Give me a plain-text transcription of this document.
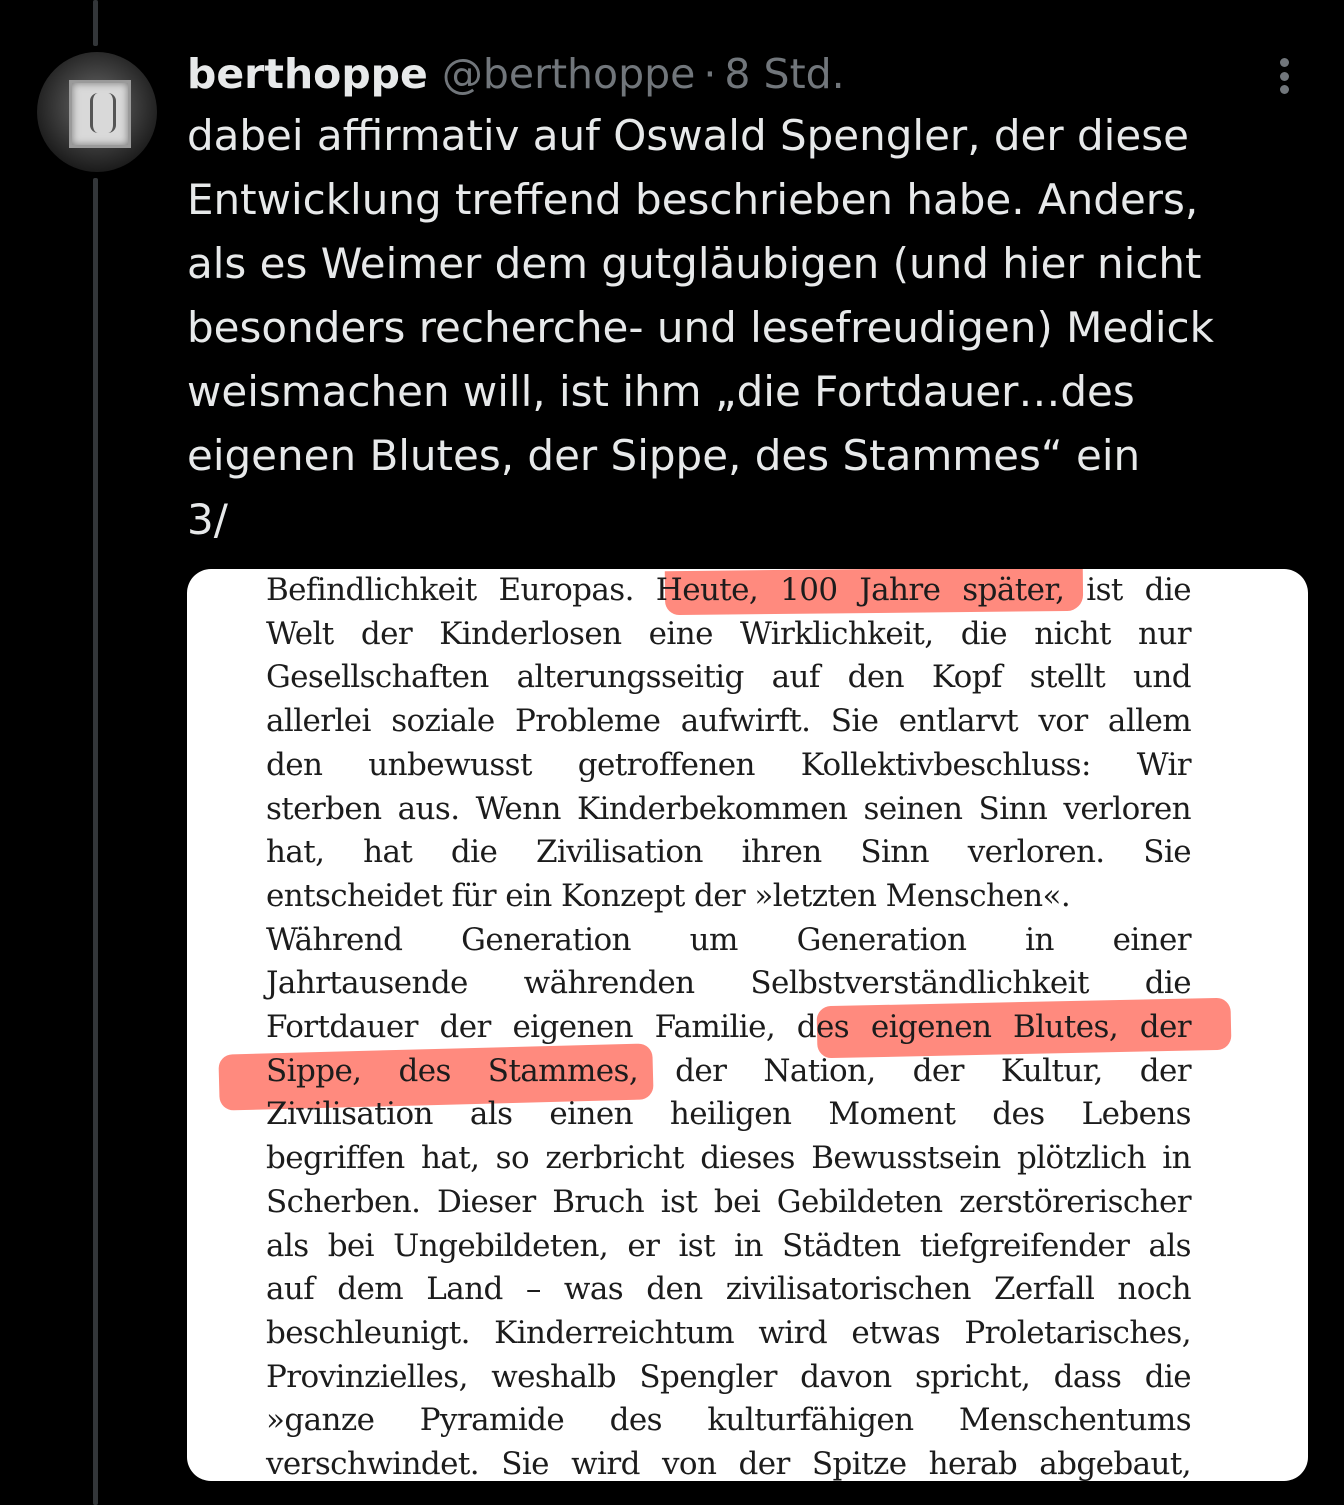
berthoppe @berthoppe · 8 Std.
dabei affirmativ auf Oswald Spengler, der diese
Entwicklung treffend beschrieben habe. Anders,
als es Weimer dem gutgläubigen (und hier nicht
besonders recherche- und lesefreudigen) Medick
weismachen will, ist ihm „die Fortdauer…des
eigenen Blutes, der Sippe, des Stammes“ ein
3/
Befindlichkeit Europas. Heute, 100 Jahre später, ist die
Welt der Kinderlosen eine Wirklichkeit, die nicht nur
Gesellschaften alterungsseitig auf den Kopf stellt und
allerlei soziale Probleme aufwirft. Sie entlarvt vor allem
den unbewusst getroffenen Kollektivbeschluss: Wir
sterben aus. Wenn Kinderbekommen seinen Sinn verloren
hat, hat die Zivilisation ihren Sinn verloren. Sie
entscheidet für ein Konzept der »letzten Menschen«.
Während Generation um Generation in einer
Jahrtausende währenden Selbstverständlichkeit die
Fortdauer der eigenen Familie, des eigenen Blutes, der
Sippe, des Stammes, der Nation, der Kultur, der
Zivilisation als einen heiligen Moment des Lebens
begriffen hat, so zerbricht dieses Bewusstsein plötzlich in
Scherben. Dieser Bruch ist bei Gebildeten zerstörerischer
als bei Ungebildeten, er ist in Städten tiefgreifender als
auf dem Land – was den zivilisatorischen Zerfall noch
beschleunigt. Kinderreichtum wird etwas Proletarisches,
Provinzielles, weshalb Spengler davon spricht, dass die
»ganze Pyramide des kulturfähigen Menschentums
verschwindet. Sie wird von der Spitze herab abgebaut,
